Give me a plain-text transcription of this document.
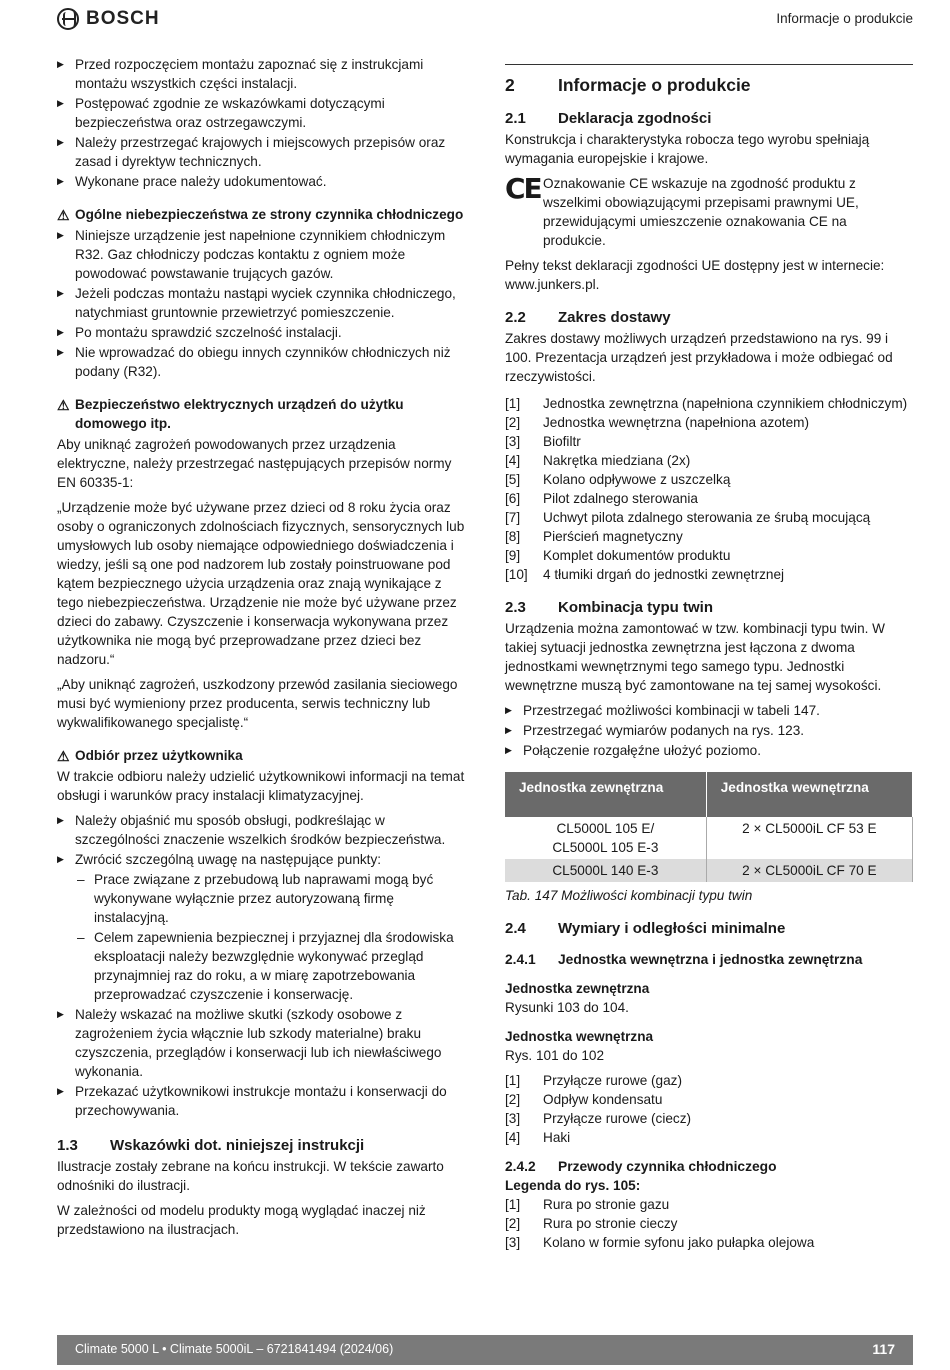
BOSCH	Informacje o produkcie
▶ Przed rozpoczęciem montażu zapoznać się z instrukcjami montażu wszystkich części instalacji.
▶ Postępować zgodnie ze wskazówkami dotyczącymi bezpieczeństwa oraz ostrzegawczymi.
▶ Należy przestrzegać krajowych i miejscowych przepisów oraz zasad i dyrektyw technicznych.
▶ Wykonane prace należy udokumentować.
⚠ Ogólne niebezpieczeństwa ze strony czynnika chłodniczego
▶ Niniejsze urządzenie jest napełnione czynnikiem chłodniczym R32. Gaz chłodniczy podczas kontaktu z ogniem może powodować powstawanie trujących gazów.
▶ Jeżeli podczas montażu nastąpi wyciek czynnika chłodniczego, natychmiast gruntownie przewietrzyć pomieszczenie.
▶ Po montażu sprawdzić szczelność instalacji.
▶ Nie wprowadzać do obiegu innych czynników chłodniczych niż podany (R32).
⚠ Bezpieczeństwo elektrycznych urządzeń do użytku domowego itp.
Aby uniknąć zagrożeń powodowanych przez urządzenia elektryczne, należy przestrzegać następujących przepisów normy EN 60335-1:
„Urządzenie może być używane przez dzieci od 8 roku życia oraz osoby o ograniczonych zdolnościach fizycznych, sensorycznych lub umysłowych lub osoby niemające odpowiedniego doświadczenia i wiedzy, jeśli są one pod nadzorem lub zostały poinstruowane pod kątem bezpiecznego użycia urządzenia oraz znają wynikające z tego niebezpieczeństwa. Urządzenie nie może być używane przez dzieci do zabawy. Czyszczenie i konserwacja wykonywana przez użytkownika nie mogą być przeprowadzane przez dzieci bez nadzoru.“
„Aby uniknąć zagrożeń, uszkodzony przewód zasilania sieciowego musi być wymieniony przez producenta, serwis techniczny lub wykwalifikowanego specjalistę.“
⚠ Odbiór przez użytkownika
W trakcie odbioru należy udzielić użytkownikowi informacji na temat obsługi i warunków pracy instalacji klimatyzacyjnej.
▶ Należy objaśnić mu sposób obsługi, podkreślając w szczególności znaczenie wszelkich środków bezpieczeństwa.
▶ Zwrócić szczególną uwagę na następujące punkty:
– Prace związane z przebudową lub naprawami mogą być wykonywane wyłącznie przez autoryzowaną firmę instalacyjną.
– Celem zapewnienia bezpiecznej i przyjaznej dla środowiska eksploatacji należy bezwzględnie wykonywać przegląd przynajmniej raz do roku, a w miarę zapotrzebowania przeprowadzać czyszczenie i konserwację.
▶ Należy wskazać na możliwe skutki (szkody osobowe z zagrożeniem życia włącznie lub szkody materialne) braku czyszczenia, przeglądów i konserwacji lub ich niewłaściwego wykonania.
▶ Przekazać użytkownikowi instrukcje montażu i konserwacji do przechowywania.
1.3	Wskazówki dot. niniejszej instrukcji
Ilustracje zostały zebrane na końcu instrukcji. W tekście zawarto odnośniki do ilustracji.
W zależności od modelu produkty mogą wyglądać inaczej niż przedstawiono na ilustracjach.
2	Informacje o produkcie
2.1	Deklaracja zgodności
Konstrukcja i charakterystyka robocza tego wyrobu spełniają wymagania europejskie i krajowe.
CE Oznakowanie CE wskazuje na zgodność produktu z wszelkimi obowiązującymi przepisami prawnymi UE, przewidującymi umieszczenie oznakowania CE na produkcie.
Pełny tekst deklaracji zgodności UE dostępny jest w internecie: www.junkers.pl.
2.2	Zakres dostawy
Zakres dostawy możliwych urządzeń przedstawiono na rys. 99 i 100. Prezentacja urządzeń jest przykładowa i może odbiegać od rzeczywistości.
[1]	Jednostka zewnętrzna (napełniona czynnikiem chłodniczym)
[2]	Jednostka wewnętrzna (napełniona azotem)
[3]	Biofiltr
[4]	Nakrętka miedziana (2x)
[5]	Kolano odpływowe z uszczelką
[6]	Pilot zdalnego sterowania
[7]	Uchwyt pilota zdalnego sterowania ze śrubą mocującą
[8]	Pierścień magnetyczny
[9]	Komplet dokumentów produktu
[10]	4 tłumiki drgań do jednostki zewnętrznej
2.3	Kombinacja typu twin
Urządzenia można zamontować w tzw. kombinacji typu twin. W takiej sytuacji jednostka zewnętrzna jest łączona z dwoma jednostkami wewnętrznymi tego samego typu. Jednostki wewnętrzne muszą być zamontowane na tej samej wysokości.
▶ Przestrzegać możliwości kombinacji w tabeli 147.
▶ Przestrzegać wymiarów podanych na rys. 123.
▶ Połączenie rozgałęźne ułożyć poziomo.
Jednostka zewnętrzna	Jednostka wewnętrzna
CL5000L 105 E/
CL5000L 105 E-3	2 × CL5000iL CF 53 E
CL5000L 140 E-3	2 × CL5000iL CF 70 E
Tab. 147 Możliwości kombinacji typu twin
2.4	Wymiary i odległości minimalne
2.4.1	Jednostka wewnętrzna i jednostka zewnętrzna
Jednostka zewnętrzna
Rysunki 103 do 104.
Jednostka wewnętrzna
Rys. 101 do 102
[1]	Przyłącze rurowe (gaz)
[2]	Odpływ kondensatu
[3]	Przyłącze rurowe (ciecz)
[4]	Haki
2.4.2	Przewody czynnika chłodniczego
Legenda do rys. 105:
[1]	Rura po stronie gazu
[2]	Rura po stronie cieczy
[3]	Kolano w formie syfonu jako pułapka olejowa
Climate 5000 L • Climate 5000iL – 6721841494 (2024/06)	117
